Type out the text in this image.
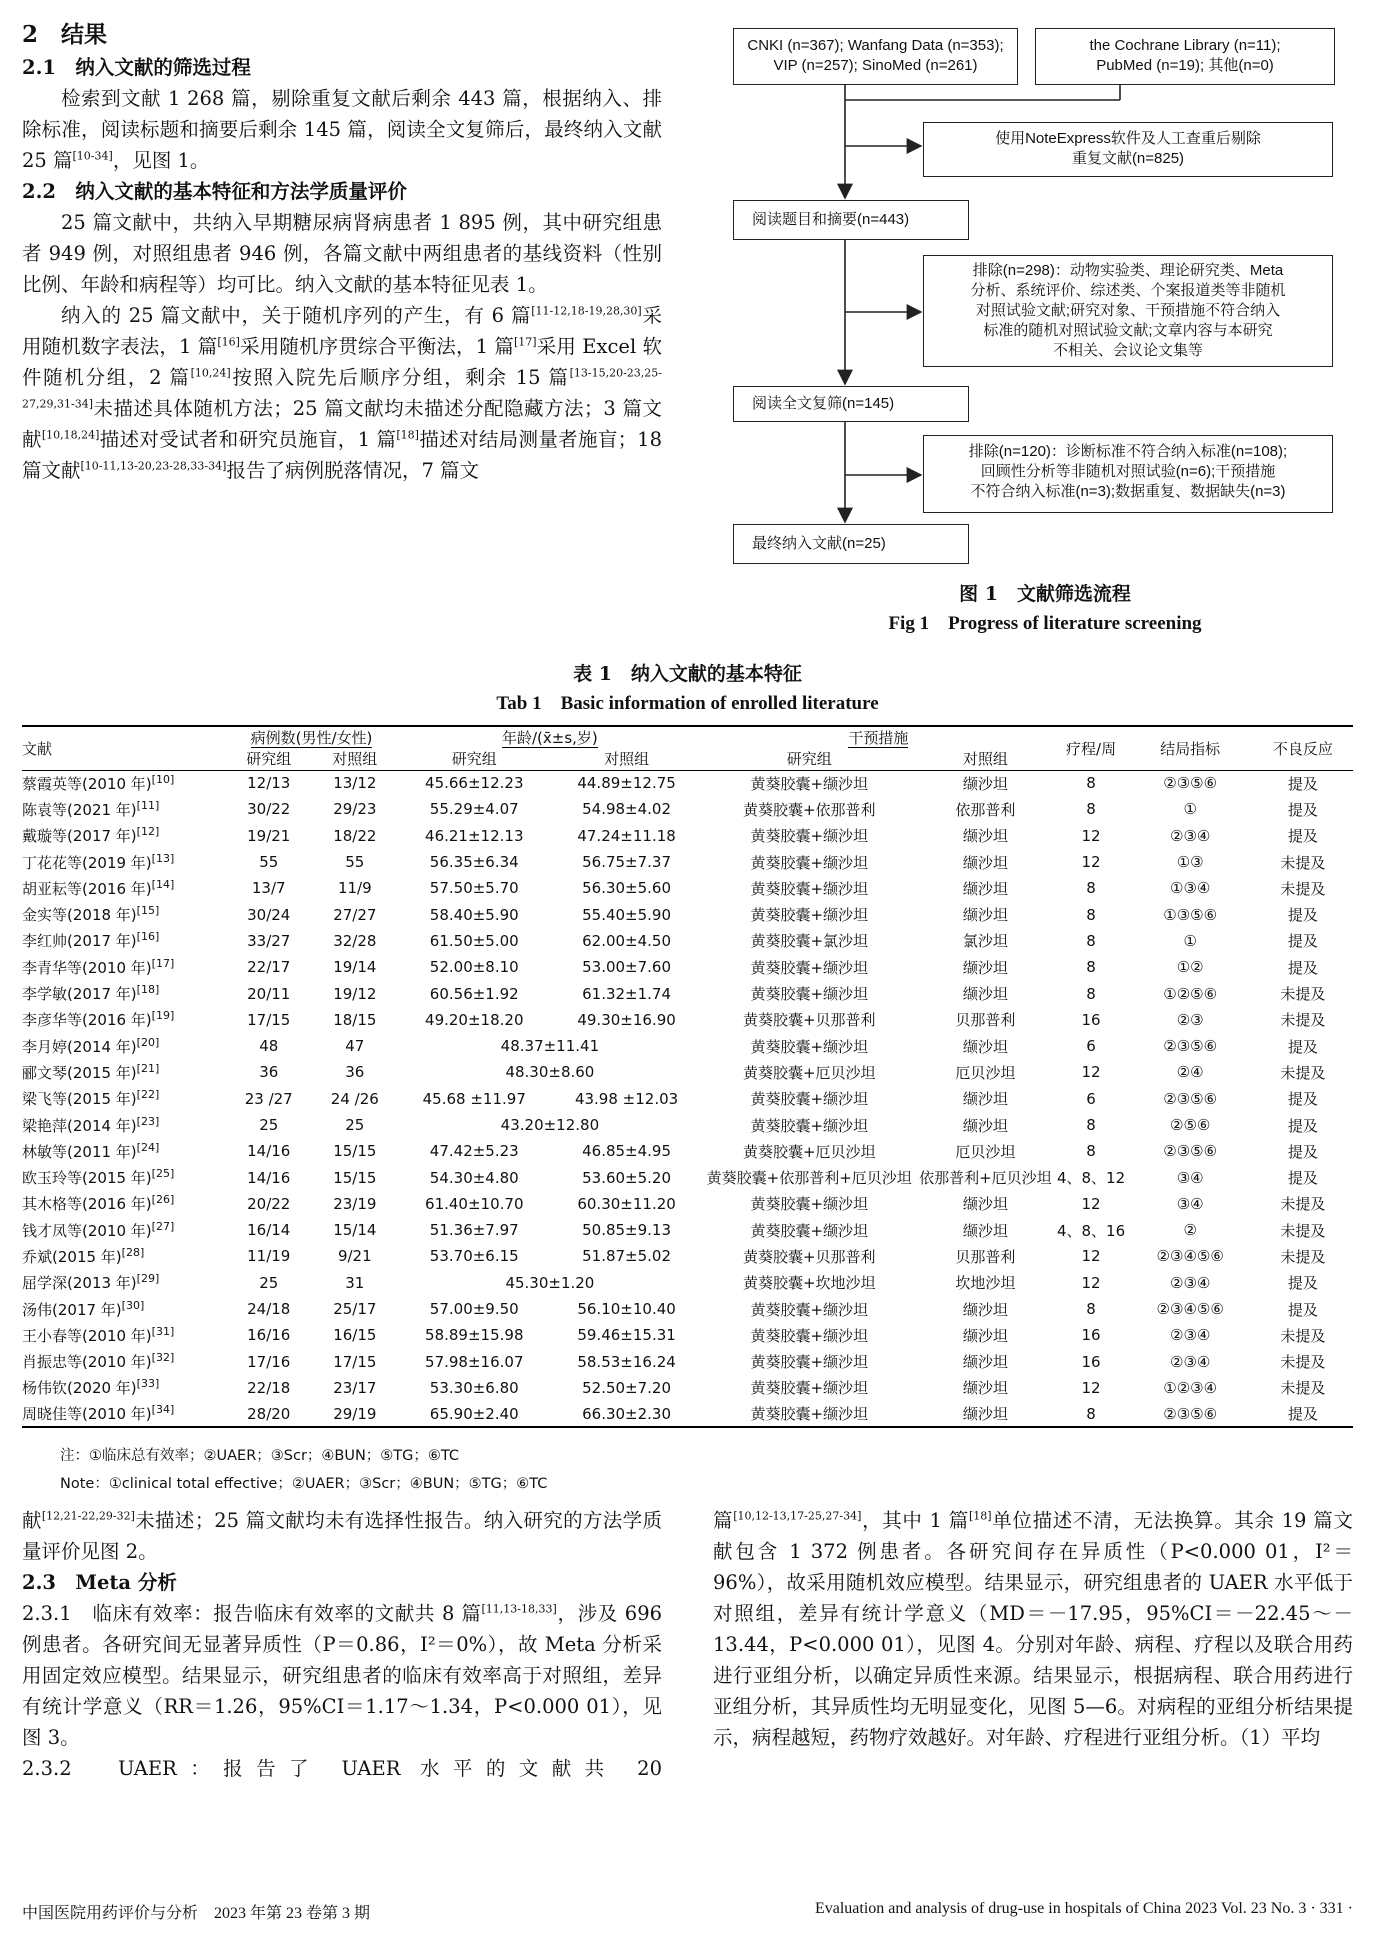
2　结果
2.1　纳入文献的筛选过程
检索到文献 1 268 篇，剔除重复文献后剩余 443 篇，根据纳入、排除标准，阅读标题和摘要后剩余 145 篇，阅读全文复筛后，最终纳入文献 25 篇[10-34]，见图 1。
2.2　纳入文献的基本特征和方法学质量评价
25 篇文献中，共纳入早期糖尿病肾病患者 1 895 例，其中研究组患者 949 例，对照组患者 946 例，各篇文献中两组患者的基线资料（性别比例、年龄和病程等）均可比。纳入文献的基本特征见表 1。
纳入的 25 篇文献中，关于随机序列的产生，有 6 篇[11-12,18-19,28,30]采用随机数字表法，1 篇[16]采用随机序贯综合平衡法，1 篇[17]采用 Excel 软件随机分组，2 篇[10,24]按照入院先后顺序分组，剩余 15 篇[13-15,20-23,25-27,29,31-34]未描述具体随机方法；25 篇文献均未描述分配隐藏方法；3 篇文献[10,18,24]描述对受试者和研究员施盲，1 篇[18]描述对结局测量者施盲；18 篇文献[10-11,13-20,23-28,33-34]报告了病例脱落情况，7 篇文
CNKI (n=367); Wanfang Data (n=353);
VIP (n=257); SinoMed (n=261)
the Cochrane Library (n=11);
PubMed (n=19); 其他(n=0)
使用NoteExpress软件及人工查重后剔除
重复文献(n=825)
阅读题目和摘要(n=443)
排除(n=298)：动物实验类、理论研究类、Meta
分析、系统评价、综述类、个案报道类等非随机
对照试验文献;研究对象、干预措施不符合纳入
标准的随机对照试验文献;文章内容与本研究
不相关、会议论文集等
阅读全文复筛(n=145)
排除(n=120)：诊断标准不符合纳入标准(n=108);
回顾性分析等非随机对照试验(n=6);干预措施
不符合纳入标准(n=3);数据重复、数据缺失(n=3)
最终纳入文献(n=25)
图 1　文献筛选流程
Fig 1　Progress of literature screening
表 1　纳入文献的基本特征
Tab 1　Basic information of enrolled literature
文献	病例数(男性/女性)		年龄/(x̄±s,岁)		干预措施		疗程/周	结局指标	不良反应
	研究组	对照组	研究组	对照组	研究组	对照组			
蔡霞英等(2010 年)[10]	12/13	13/12	45.66±12.23	44.89±12.75	黄葵胶囊+缬沙坦	缬沙坦	8	②③⑤⑥	提及
陈袁等(2021 年)[11]	30/22	29/23	55.29±4.07	54.98±4.02	黄葵胶囊+依那普利	依那普利	8	①	提及
戴璇等(2017 年)[12]	19/21	18/22	46.21±12.13	47.24±11.18	黄葵胶囊+缬沙坦	缬沙坦	12	②③④	提及
丁花花等(2019 年)[13]	55	55	56.35±6.34	56.75±7.37	黄葵胶囊+缬沙坦	缬沙坦	12	①③	未提及
胡亚耘等(2016 年)[14]	13/7	11/9	57.50±5.70	56.30±5.60	黄葵胶囊+缬沙坦	缬沙坦	8	①③④	未提及
金实等(2018 年)[15]	30/24	27/27	58.40±5.90	55.40±5.90	黄葵胶囊+缬沙坦	缬沙坦	8	①③⑤⑥	提及
李红帅(2017 年)[16]	33/27	32/28	61.50±5.00	62.00±4.50	黄葵胶囊+氯沙坦	氯沙坦	8	①	提及
李青华等(2010 年)[17]	22/17	19/14	52.00±8.10	53.00±7.60	黄葵胶囊+缬沙坦	缬沙坦	8	①②	提及
李学敏(2017 年)[18]	20/11	19/12	60.56±1.92	61.32±1.74	黄葵胶囊+缬沙坦	缬沙坦	8	①②⑤⑥	未提及
李彦华等(2016 年)[19]	17/15	18/15	49.20±18.20	49.30±16.90	黄葵胶囊+贝那普利	贝那普利	16	②③	未提及
李月婷(2014 年)[20]	48	47	48.37±11.41		黄葵胶囊+缬沙坦	缬沙坦	6	②③⑤⑥	提及
郦文琴(2015 年)[21]	36	36	48.30±8.60		黄葵胶囊+厄贝沙坦	厄贝沙坦	12	②④	未提及
梁飞等(2015 年)[22]	23 /27	24 /26	45.68 ±11.97	43.98 ±12.03	黄葵胶囊+缬沙坦	缬沙坦	6	②③⑤⑥	提及
梁艳萍(2014 年)[23]	25	25	43.20±12.80		黄葵胶囊+缬沙坦	缬沙坦	8	②⑤⑥	提及
林敏等(2011 年)[24]	14/16	15/15	47.42±5.23	46.85±4.95	黄葵胶囊+厄贝沙坦	厄贝沙坦	8	②③⑤⑥	提及
欧玉玲等(2015 年)[25]	14/16	15/15	54.30±4.80	53.60±5.20	黄葵胶囊+依那普利+厄贝沙坦	依那普利+厄贝沙坦	4、8、12	③④	提及
其木格等(2016 年)[26]	20/22	23/19	61.40±10.70	60.30±11.20	黄葵胶囊+缬沙坦	缬沙坦	12	③④	未提及
钱才凤等(2010 年)[27]	16/14	15/14	51.36±7.97	50.85±9.13	黄葵胶囊+缬沙坦	缬沙坦	4、8、16	②	未提及
乔斌(2015 年)[28]	11/19	9/21	53.70±6.15	51.87±5.02	黄葵胶囊+贝那普利	贝那普利	12	②③④⑤⑥	未提及
屈学深(2013 年)[29]	25	31	45.30±1.20		黄葵胶囊+坎地沙坦	坎地沙坦	12	②③④	提及
汤伟(2017 年)[30]	24/18	25/17	57.00±9.50	56.10±10.40	黄葵胶囊+缬沙坦	缬沙坦	8	②③④⑤⑥	提及
王小春等(2010 年)[31]	16/16	16/15	58.89±15.98	59.46±15.31	黄葵胶囊+缬沙坦	缬沙坦	16	②③④	未提及
肖振忠等(2010 年)[32]	17/16	17/15	57.98±16.07	58.53±16.24	黄葵胶囊+缬沙坦	缬沙坦	16	②③④	未提及
杨伟钦(2020 年)[33]	22/18	23/17	53.30±6.80	52.50±7.20	黄葵胶囊+缬沙坦	缬沙坦	12	①②③④	未提及
周晓佳等(2010 年)[34]	28/20	29/19	65.90±2.40	66.30±2.30	黄葵胶囊+缬沙坦	缬沙坦	8	②③⑤⑥	提及
注：①临床总有效率；②UAER；③Scr；④BUN；⑤TG；⑥TC
Note：①clinical total effective；②UAER；③Scr；④BUN；⑤TG；⑥TC
献[12,21-22,29-32]未描述；25 篇文献均未有选择性报告。纳入研究的方法学质量评价见图 2。
2.3　Meta 分析
2.3.1　临床有效率：报告临床有效率的文献共 8 篇[11,13-18,33]，涉及 696 例患者。各研究间无显著异质性（P＝0.86，I²＝0%），故 Meta 分析采用固定效应模型。结果显示，研究组患者的临床有效率高于对照组，差异有统计学意义（RR＝1.26，95%CI＝1.17～1.34，P<0.000 01），见图 3。
2.3.2　UAER：报告了 UAER 水平的文献共 20
篇[10,12-13,17-25,27-34]，其中 1 篇[18]单位描述不清，无法换算。其余 19 篇文献包含 1 372 例患者。各研究间存在异质性（P<0.000 01，I²＝96%），故采用随机效应模型。结果显示，研究组患者的 UAER 水平低于对照组，差异有统计学意义（MD＝－17.95，95%CI＝－22.45～－13.44，P<0.000 01），见图 4。分别对年龄、病程、疗程以及联合用药进行亚组分析，以确定异质性来源。结果显示，根据病程、联合用药进行亚组分析，其异质性均无明显变化，见图 5—6。对病程的亚组分析结果提示，病程越短，药物疗效越好。对年龄、疗程进行亚组分析。（1）平均
中国医院用药评价与分析　2023 年第 23 卷第 3 期	Evaluation and analysis of drug-use in hospitals of China 2023 Vol. 23 No. 3 · 331 ·
